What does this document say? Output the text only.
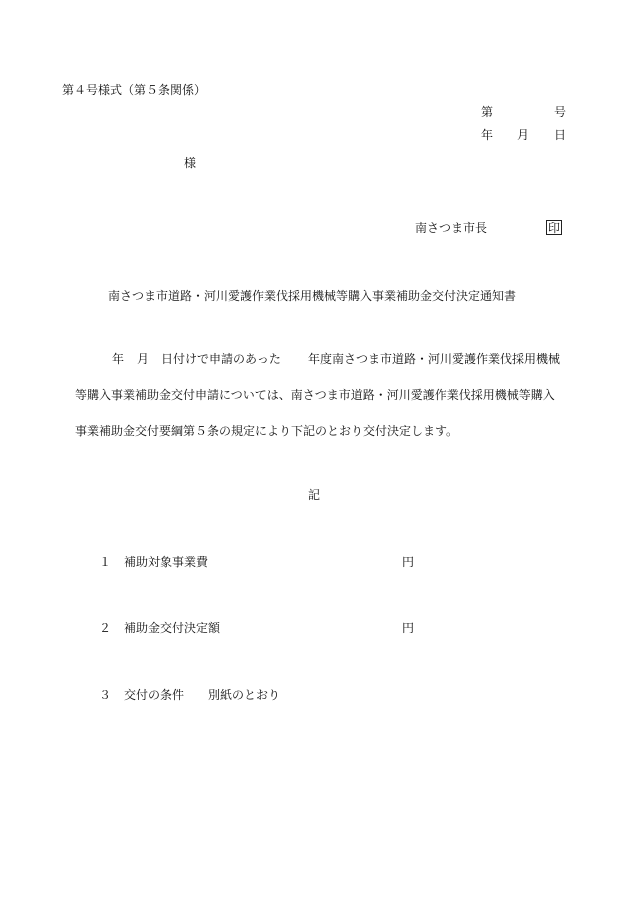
第４号様式（第５条関係）
第	号
年 月 日
様
南さつま市長	印
南さつま市道路・河川愛護作業伐採用機械等購入事業補助金交付決定通知書
年 月 日付けで申請のあった 年度南さつま市道路・河川愛護作業伐採用機械
等購入事業補助金交付申請については、南さつま市道路・河川愛護作業伐採用機械等購入
事業補助金交付要綱第５条の規定により下記のとおり交付決定します。
記
１ 補助対象事業費	円
２ 補助金交付決定額	円
３ 交付の条件 別紙のとおり
